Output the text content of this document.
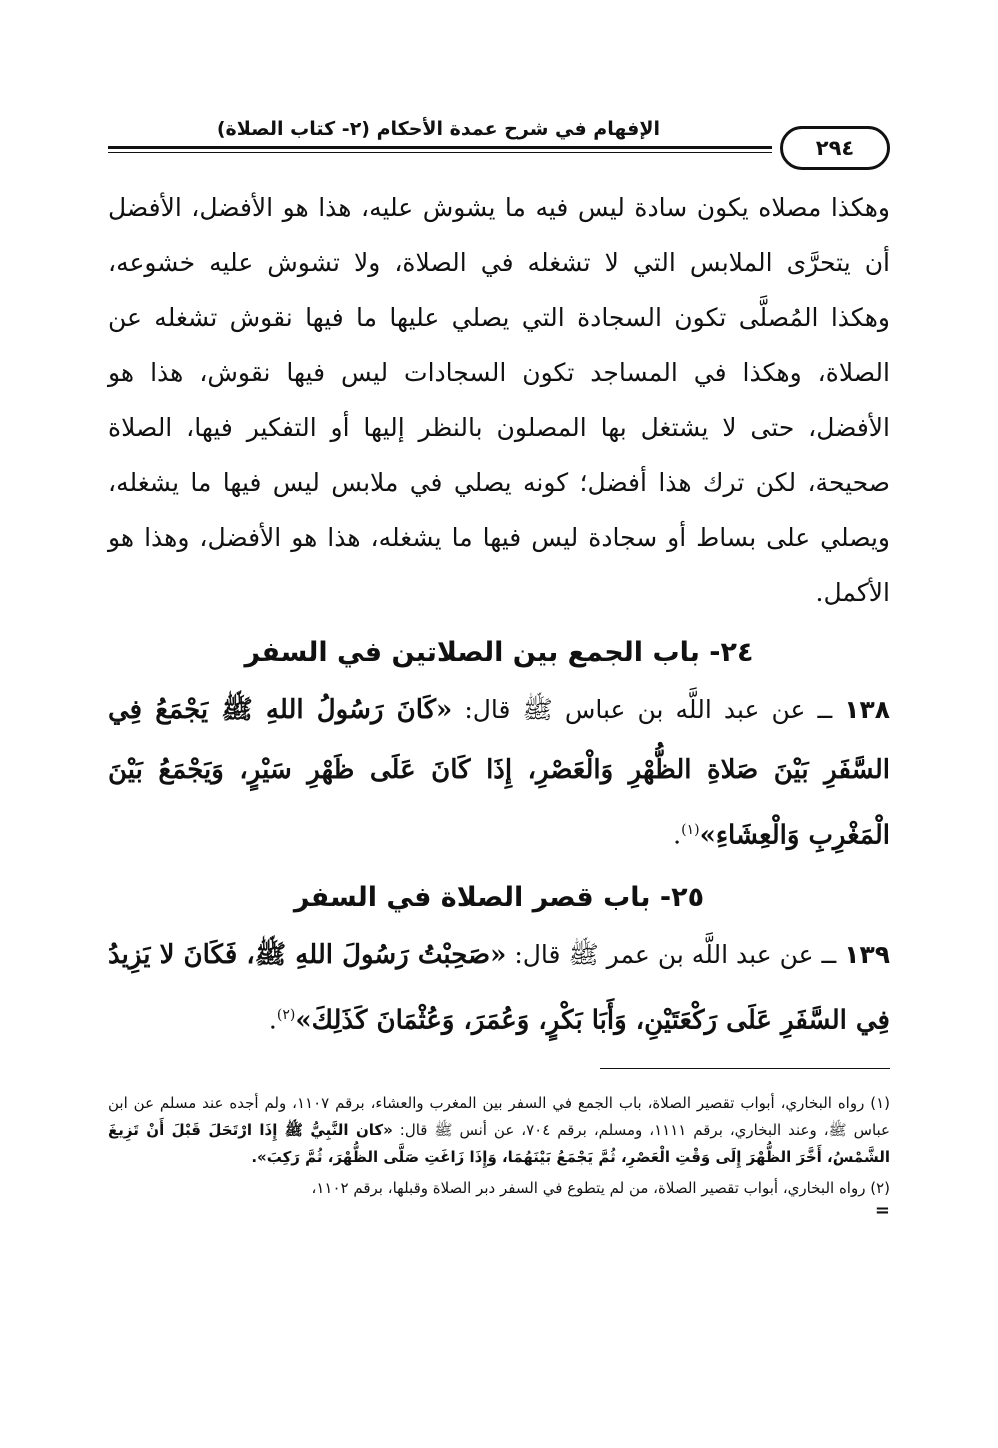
الإفهام في شرح عمدة الأحكام (٢- كتاب الصلاة)
٢٩٤

وهكذا مصلاه يكون سادة ليس فيه ما يشوش عليه، هذا هو الأفضل، الأفضل أن يتحرَّى الملابس التي لا تشغله في الصلاة، ولا تشوش عليه خشوعه، وهكذا المُصلَّى تكون السجادة التي يصلي عليها ما فيها نقوش تشغله عن الصلاة، وهكذا في المساجد تكون السجادات ليس فيها نقوش، هذا هو الأفضل، حتى لا يشتغل بها المصلون بالنظر إليها أو التفكير فيها، الصلاة صحيحة، لكن ترك هذا أفضل؛ كونه يصلي في ملابس ليس فيها ما يشغله، ويصلي على بساط أو سجادة ليس فيها ما يشغله، هذا هو الأفضل، وهذا هو الأكمل.

٢٤- باب الجمع بين الصلاتين في السفر

١٣٨ ــ عن عبد اللَّه بن عباس ﷺ قال: «كَانَ رَسُولُ اللهِ ﷺ يَجْمَعُ فِي السَّفَرِ بَيْنَ صَلاةِ الظُّهْرِ وَالْعَصْرِ، إِذَا كَانَ عَلَى ظَهْرِ سَيْرٍ، وَيَجْمَعُ بَيْنَ الْمَغْرِبِ وَالْعِشَاءِ»$^{(١)}$.

٢٥- باب قصر الصلاة في السفر

١٣٩ ــ عن عبد اللَّه بن عمر ﷺ قال: «صَحِبْتُ رَسُولَ اللهِ ﷺ، فَكَانَ لا يَزِيدُ فِي السَّفَرِ عَلَى رَكْعَتَيْنِ، وَأَبَا بَكْرٍ، وَعُمَرَ، وَعُثْمَانَ كَذَلِكَ»$^{(٢)}$.

(١) رواه البخاري، أبواب تقصير الصلاة، باب الجمع في السفر بين المغرب والعشاء، برقم ١١٠٧، ولم أجده عند مسلم عن ابن عباس ﷺ، وعند البخاري، برقم ١١١١، ومسلم، برقم ٧٠٤، عن أنس ﷺ قال: «كان النَّبِيُّ ﷺ إِذَا ارْتَحَلَ قَبْلَ أَنْ تَزِيغَ الشَّمْسُ، أَخَّرَ الظُّهْرَ إِلَى وَقْتِ الْعَصْرِ، ثُمَّ يَجْمَعُ بَيْنَهُمَا، وَإِذَا زَاغَتِ صَلَّى الظُّهْرَ، ثُمَّ رَكِبَ».

(٢) رواه البخاري، أبواب تقصير الصلاة، من لم يتطوع في السفر دبر الصلاة وقبلها، برقم ١١٠٢،

=
